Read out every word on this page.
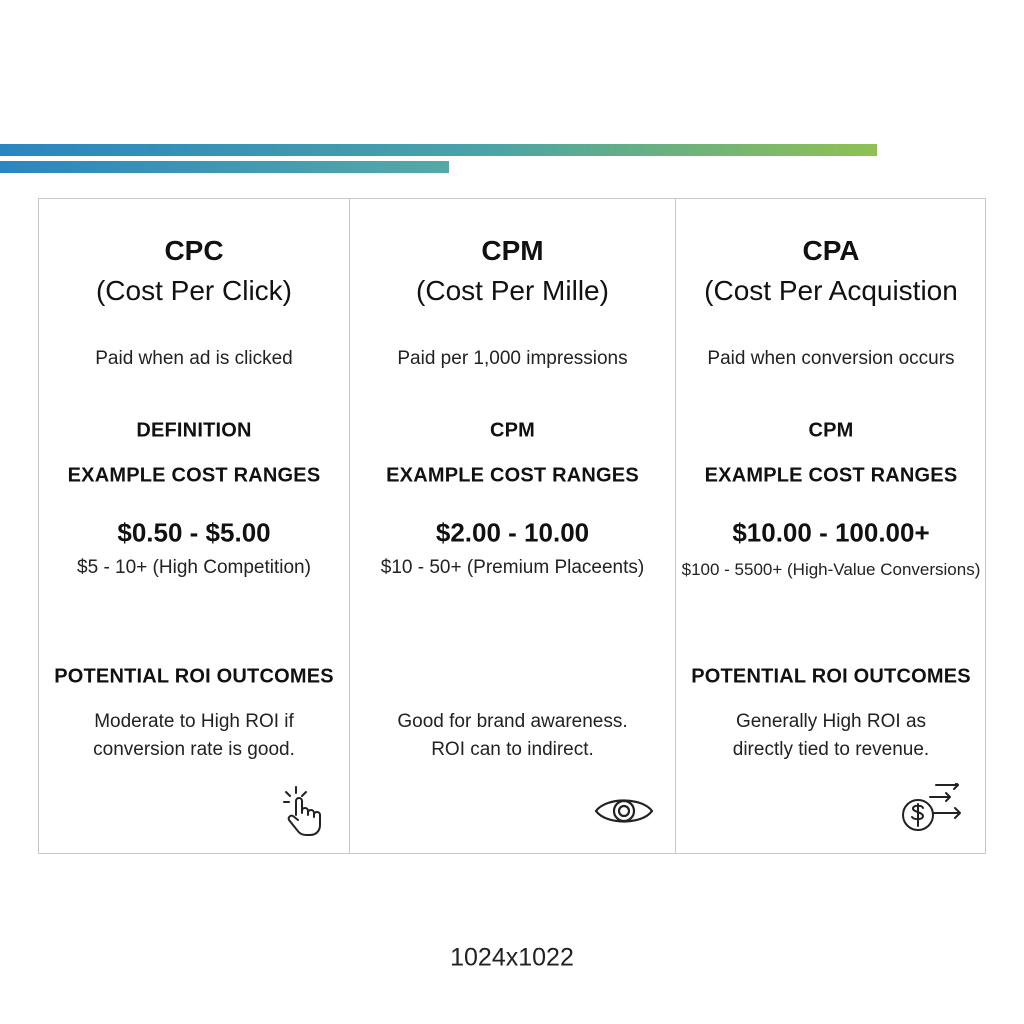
CPC
(Cost Per Click)
Paid when ad is clicked
DEFINITION
EXAMPLE COST RANGES
$0.50 - $5.00
$5 - 10+ (High Competition)
POTENTIAL ROI OUTCOMES
Moderate to High ROI if
conversion rate is good.
CPM
(Cost Per Mille)
Paid per 1,000 impressions
CPM
EXAMPLE COST RANGES
$2.00 - 10.00
$10 - 50+ (Premium Placeents)
Good for brand awareness.
ROI can to indirect.
CPA
(Cost Per Acquistion
Paid when conversion occurs
CPM
EXAMPLE COST RANGES
$10.00 - 100.00+
$100 - 5500+ (High-Value Conversions)
POTENTIAL ROI OUTCOMES
Generally High ROI as
directly tied to revenue.
1024x1022
